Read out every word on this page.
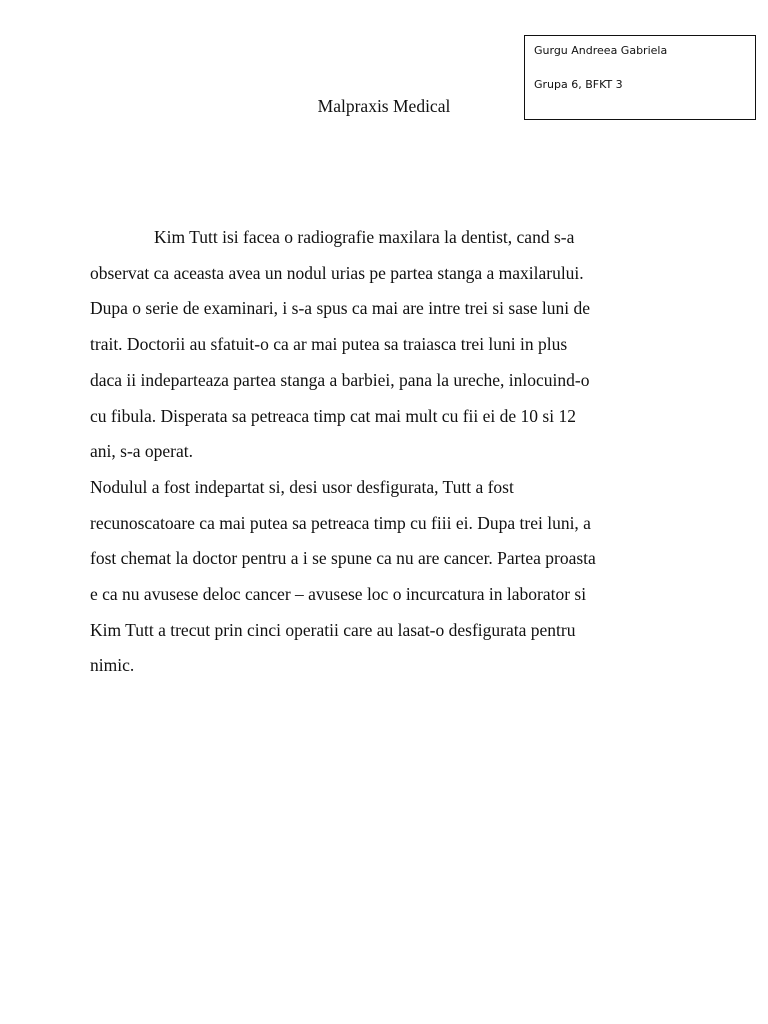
Gurgu Andreea Gabriela
Grupa 6, BFKT 3
Malpraxis Medical
Kim Tutt isi facea o radiografie maxilara la dentist, cand s-a
observat ca aceasta avea un nodul urias pe partea stanga a maxilarului.
Dupa o serie de examinari, i s-a spus ca mai are intre trei si sase luni de
trait. Doctorii au sfatuit-o ca ar mai putea sa traiasca trei luni in plus
daca ii indeparteaza partea stanga a barbiei, pana la ureche, inlocuind-o
cu fibula. Disperata sa petreaca timp cat mai mult cu fii ei de 10 si 12
ani, s-a operat.
Nodulul a fost indepartat si, desi usor desfigurata, Tutt a fost
recunoscatoare ca mai putea sa petreaca timp cu fiii ei. Dupa trei luni, a
fost chemat la doctor pentru a i se spune ca nu are cancer. Partea proasta
e ca nu avusese deloc cancer – avusese loc o incurcatura in laborator si
Kim Tutt a trecut prin cinci operatii care au lasat-o desfigurata pentru
nimic.
